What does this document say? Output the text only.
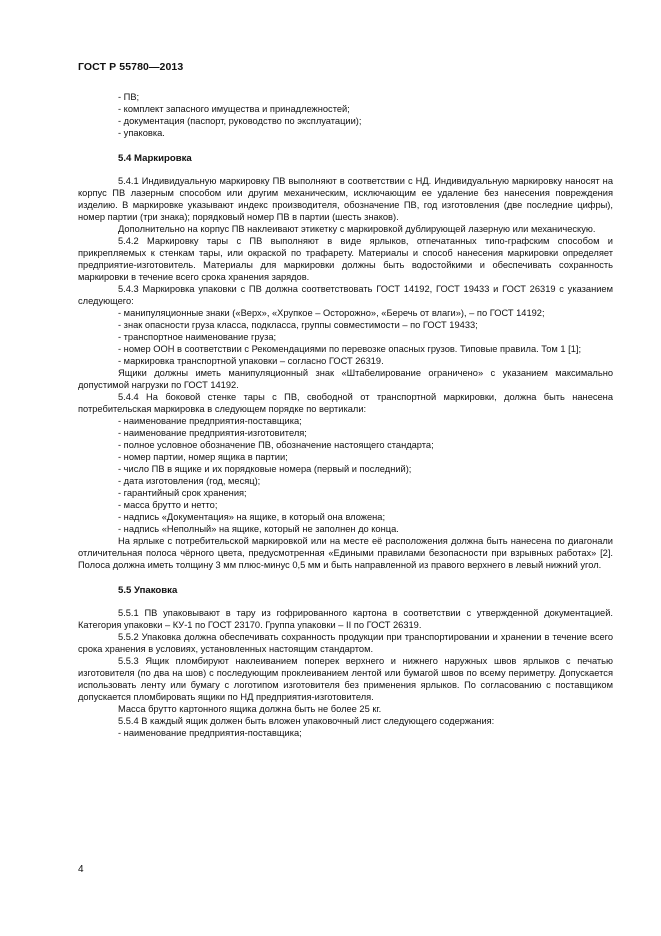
ГОСТ Р 55780—2013
- ПВ;
- комплект запасного имущества и принадлежностей;
- документация (паспорт, руководство по эксплуатации);
- упаковка.
5.4 Маркировка
5.4.1 Индивидуальную маркировку ПВ выполняют в соответствии с НД. Индивидуальную маркировку наносят на корпус ПВ лазерным способом или другим механическим, исключающим ее удаление без нанесения повреждения изделию. В маркировке указывают индекс производителя, обозначение ПВ, год изготовления (две последние цифры), номер партии (три знака); порядковый номер ПВ в партии (шесть знаков).
Дополнительно на корпус ПВ наклеивают этикетку с маркировкой дублирующей лазерную или механическую.
5.4.2 Маркировку тары с ПВ выполняют в виде ярлыков, отпечатанных типо-графским способом и прикрепляемых к стенкам тары, или окраской по трафарету. Материалы и способ нанесения маркировки определяет предприятие-изготовитель. Материалы для маркировки должны быть водостойкими и обеспечивать сохранность маркировки в течение всего срока хранения зарядов.
5.4.3 Маркировка упаковки с ПВ должна соответствовать ГОСТ 14192, ГОСТ 19433 и ГОСТ 26319 с указанием следующего:
- манипуляционные знаки («Верх», «Хрупкое – Осторожно», «Беречь от влаги»), – по ГОСТ 14192;
- знак опасности груза класса, подкласса, группы совместимости – по ГОСТ 19433;
- транспортное наименование груза;
- номер ООН в соответствии с Рекомендациями по перевозке опасных грузов. Типовые правила. Том 1 [1];
- маркировка транспортной упаковки – согласно ГОСТ 26319.
Ящики должны иметь манипуляционный знак «Штабелирование ограничено» с указанием максимально допустимой нагрузки по ГОСТ 14192.
5.4.4 На боковой стенке тары с ПВ, свободной от транспортной маркировки, должна быть нанесена потребительская маркировка в следующем порядке по вертикали:
- наименование предприятия-поставщика;
- наименование предприятия-изготовителя;
- полное условное обозначение ПВ, обозначение настоящего стандарта;
- номер партии, номер ящика в партии;
- число ПВ в ящике и их порядковые номера (первый и последний);
- дата изготовления (год, месяц);
- гарантийный срок хранения;
- масса брутто и нетто;
- надпись «Документация» на ящике, в который она вложена;
- надпись «Неполный» на ящике, который не заполнен до конца.
На ярлыке с потребительской маркировкой или на месте её расположения должна быть нанесена по диагонали отличительная полоса чёрного цвета, предусмотренная «Едиными правилами безопасности при взрывных работах» [2]. Полоса должна иметь толщину 3 мм плюс-минус 0,5 мм и быть направленной из правого верхнего в левый нижний угол.
5.5 Упаковка
5.5.1 ПВ упаковывают в тару из гофрированного картона в соответствии с утвержденной документацией. Категория упаковки – КУ-1 по ГОСТ 23170. Группа упаковки – II по ГОСТ 26319.
5.5.2 Упаковка должна обеспечивать сохранность продукции при транспортировании и хранении в течение всего срока хранения в условиях, установленных настоящим стандартом.
5.5.3 Ящик пломбируют наклеиванием поперек верхнего и нижнего наружных швов ярлыков с печатью изготовителя (по два на шов) с последующим проклеиванием лентой или бумагой швов по всему периметру. Допускается использовать ленту или бумагу с логотипом изготовителя без применения ярлыков. По согласованию с поставщиком допускается пломбировать ящики по НД предприятия-изготовителя.
Масса брутто картонного ящика должна быть не более 25 кг.
5.5.4 В каждый ящик должен быть вложен упаковочный лист следующего содержания:
- наименование предприятия-поставщика;
4
